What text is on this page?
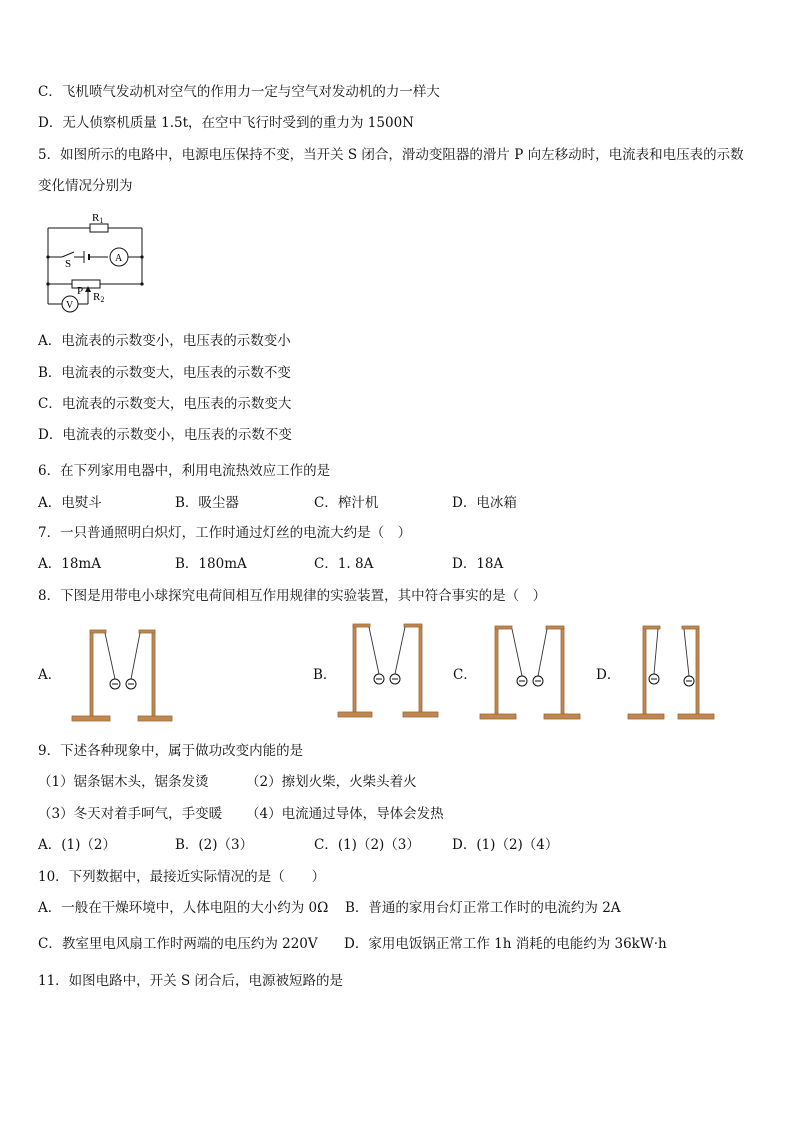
C．飞机喷气发动机对空气的作用力一定与空气对发动机的力一样大
D．无人侦察机质量 1.5t，在空中飞行时受到的重力为 1500N
5．如图所示的电路中，电源电压保持不变，当开关 S 闭合，滑动变阻器的滑片 P 向左移动时，电流表和电压表的示数
变化情况分别为
R1
S	A
P R2
V
A．电流表的示数变小，电压表的示数变小
B．电流表的示数变大，电压表的示数不变
C．电流表的示数变大，电压表的示数变大
D．电流表的示数变小，电压表的示数不变
6．在下列家用电器中，利用电流热效应工作的是
A．电熨斗	B．吸尘器	C．榨汁机	D．电冰箱
7．一只普通照明白炽灯，工作时通过灯丝的电流大约是（　）
A．18mA	B．180mA	C．1. 8A	D．18A
8．下图是用带电小球探究电荷间相互作用规律的实验装置，其中符合事实的是（　）
A．	B．	C．	D．
9．下述各种现象中，属于做功改变内能的是
（1）锯条锯木头，锯条发烫	（2）擦划火柴，火柴头着火
（3）冬天对着手呵气，手变暖 （4）电流通过导体，导体会发热
A．(1)（2）	B．(2)（3）	C．(1)（2)（3） D．(1)（2)（4）
10．下列数据中，最接近实际情况的是（　　）
A．一般在干燥环境中，人体电阻的大小约为 0Ω B．普通的家用台灯正常工作时的电流约为 2A
C．教室里电风扇工作时两端的电压约为 220V D．家用电饭锅正常工作 1h 消耗的电能约为 36kW·h
11．如图电路中，开关 S 闭合后，电源被短路的是
